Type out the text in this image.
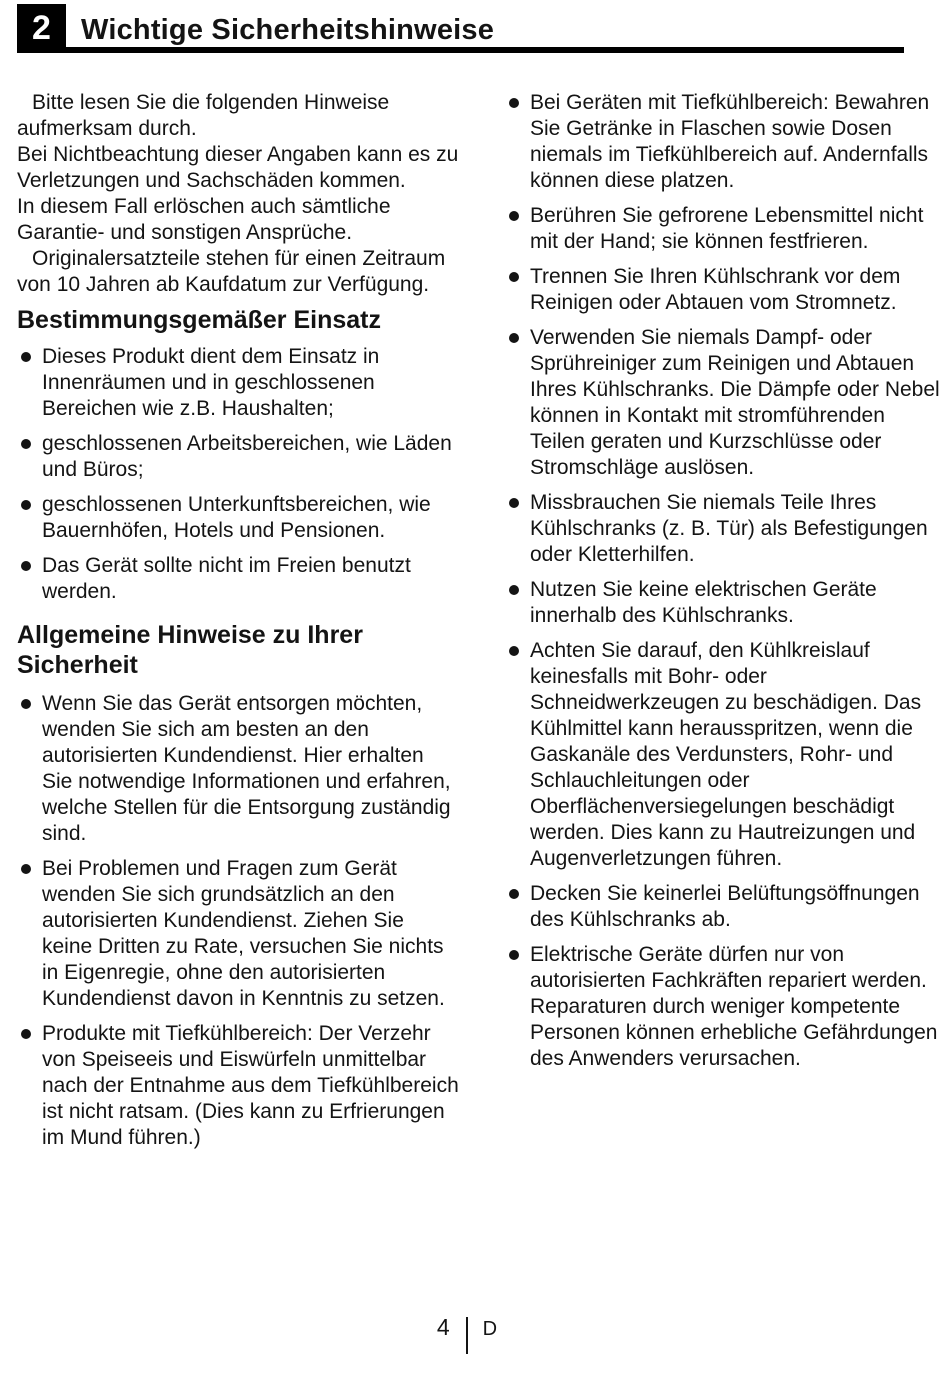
2 Wichtige Sicherheitshinweise

Bitte lesen Sie die folgenden Hinweise aufmerksam durch.

Bei Nichtbeachtung dieser Angaben kann es zu Verletzungen und Sachschäden kommen.

In diesem Fall erlöschen auch sämtliche Garantie- und sonstigen Ansprüche.

Originalersatzteile stehen für einen Zeitraum von 10 Jahren ab Kaufdatum zur Verfügung.

Bestimmungsgemäßer Einsatz
Dieses Produkt dient dem Einsatz in Innenräumen und in geschlossenen Bereichen wie z.B. Haushalten;
geschlossenen Arbeitsbereichen, wie Läden und Büros;
geschlossenen Unterkunftsbereichen, wie Bauernhöfen, Hotels und Pensionen.
Das Gerät sollte nicht im Freien benutzt werden.
Allgemeine Hinweise zu Ihrer Sicherheit
Wenn Sie das Gerät entsorgen möchten, wenden Sie sich am besten an den autorisierten Kundendienst. Hier erhalten Sie notwendige Informationen und erfahren, welche Stellen für die Entsorgung zuständig sind.
Bei Problemen und Fragen zum Gerät wenden Sie sich grundsätzlich an den autorisierten Kundendienst. Ziehen Sie keine Dritten zu Rate, versuchen Sie nichts in Eigenregie, ohne den autorisierten Kundendienst davon in Kenntnis zu setzen.
Produkte mit Tiefkühlbereich: Der Verzehr von Speiseeis und Eiswürfeln unmittelbar nach der Entnahme aus dem Tiefkühlbereich ist nicht ratsam. (Dies kann zu Erfrierungen im Mund führen.)
Bei Geräten mit Tiefkühlbereich: Bewahren Sie Getränke in Flaschen sowie Dosen niemals im Tiefkühlbereich auf. Andernfalls können diese platzen.
Berühren Sie gefrorene Lebensmittel nicht mit der Hand; sie können festfrieren.
Trennen Sie Ihren Kühlschrank vor dem Reinigen oder Abtauen vom Stromnetz.
Verwenden Sie niemals Dampf- oder Sprühreiniger zum Reinigen und Abtauen Ihres Kühlschranks. Die Dämpfe oder Nebel können in Kontakt mit stromführenden Teilen geraten und Kurzschlüsse oder Stromschläge auslösen.
Missbrauchen Sie niemals Teile Ihres Kühlschranks (z. B. Tür) als Befestigungen oder Kletterhilfen.
Nutzen Sie keine elektrischen Geräte innerhalb des Kühlschranks.
Achten Sie darauf, den Kühlkreislauf keinesfalls mit Bohr- oder Schneidwerkzeugen zu beschädigen. Das Kühlmittel kann herausspritzen, wenn die Gaskanäle des Verdunsters, Rohr- und Schlauchleitungen oder Oberflächenversiegelungen beschädigt werden. Dies kann zu Hautreizungen und Augenverletzungen führen.
Decken Sie keinerlei Belüftungsöffnungen des Kühlschranks ab.
Elektrische Geräte dürfen nur von autorisierten Fachkräften repariert werden. Reparaturen durch weniger kompetente Personen können erhebliche Gefährdungen des Anwenders verursachen.
4 D
